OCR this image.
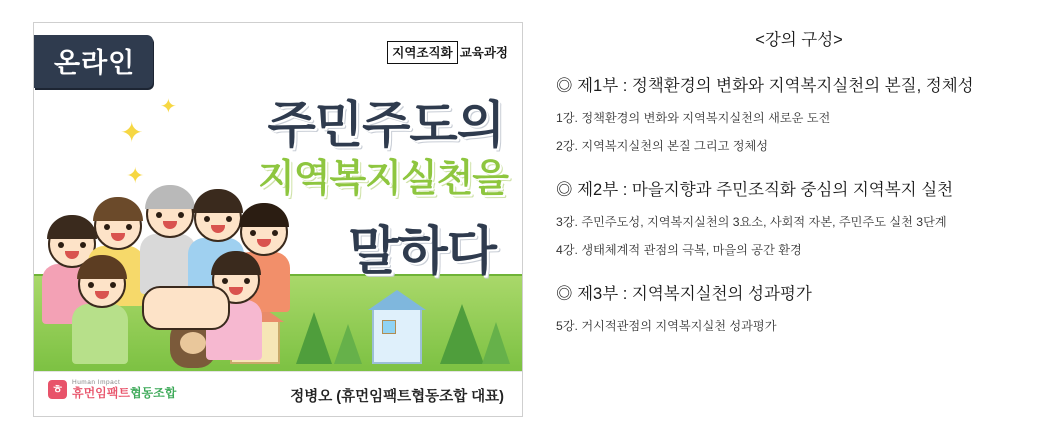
✦
✦
✦
온라인	지역조직화 교육과정
주민주도의
지역복지실천을
말하다
ㅎ	Human Impact
휴먼임팩트협동조합	정병오 (휴먼임팩트협동조합 대표)
<강의 구성>
◎ 제1부 : 정책환경의 변화와 지역복지실천의 본질, 정체성
1강. 정책환경의 변화와 지역복지실천의 새로운 도전
2강. 지역복지실천의 본질 그리고 정체성
◎ 제2부 : 마을지향과 주민조직화 중심의 지역복지 실천
3강. 주민주도성, 지역복지실천의 3요소, 사회적 자본, 주민주도 실천 3단계
4강. 생태체계적 관점의 극복, 마을의 공간 환경
◎ 제3부 : 지역복지실천의 성과평가
5강. 거시적관점의 지역복지실천 성과평가
